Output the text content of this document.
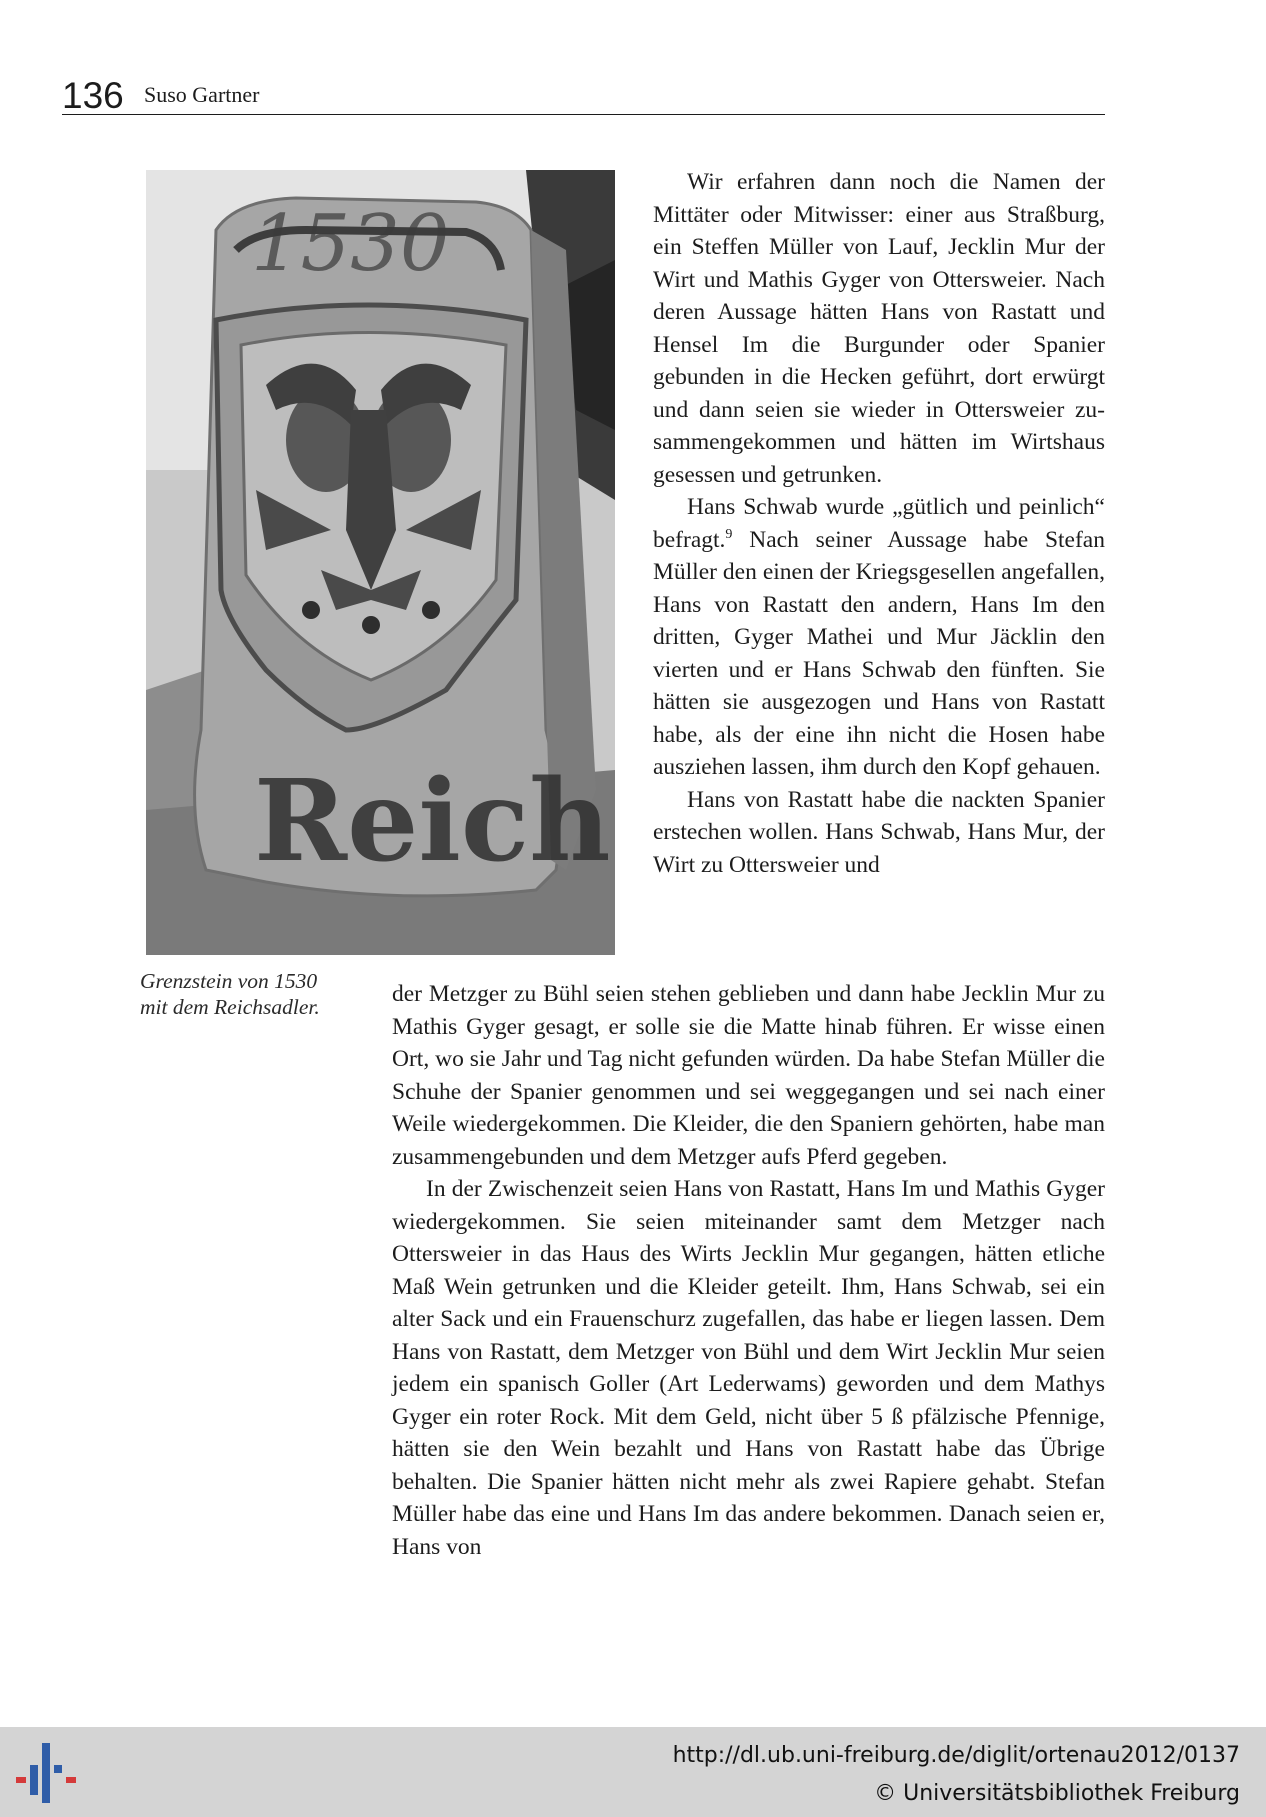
136 Suso Gartner
1530
Reich

Grenzstein von 1530

mit dem Reichsadler.

Wir erfahren dann noch die Namen der Mittäter oder Mitwisser: einer aus Straßburg, ein Steffen Müller von Lauf, Jecklin Mur der Wirt und Mathis Gyger von Ottersweier. Nach deren Aussage hätten Hans von Rastatt und Hensel Im die Burgunder oder Spanier gebunden in die Hecken geführt, dort erwürgt und dann seien sie wieder in Ottersweier zusammengekommen und hätten im Wirtshaus gesessen und getrunken.

Hans Schwab wurde „gütlich und peinlich“ befragt.$^9$ Nach seiner Aussage habe Stefan Müller den einen der Kriegsgesellen angefallen, Hans von Rastatt den andern, Hans Im den dritten, Gyger Mathei und Mur Jäcklin den vierten und er Hans Schwab den fünften. Sie hätten sie ausgezogen und Hans von Rastatt habe, als der eine ihn nicht die Hosen habe ausziehen lassen, ihm durch den Kopf gehauen.

Hans von Rastatt habe die nackten Spanier erstechen wollen. Hans Schwab, Hans Mur, der Wirt zu Ottersweier und

der Metzger zu Bühl seien stehen geblieben und dann habe Jecklin Mur zu Mathis Gyger gesagt, er solle sie die Matte hinab führen. Er wisse einen Ort, wo sie Jahr und Tag nicht gefunden würden. Da habe Stefan Müller die Schuhe der Spanier genommen und sei weggegangen und sei nach einer Weile wiedergekommen. Die Kleider, die den Spaniern gehörten, habe man zusammengebunden und dem Metzger aufs Pferd gegeben.

In der Zwischenzeit seien Hans von Rastatt, Hans Im und Mathis Gyger wiedergekommen. Sie seien miteinander samt dem Metzger nach Ottersweier in das Haus des Wirts Jecklin Mur gegangen, hätten etliche Maß Wein getrunken und die Kleider geteilt. Ihm, Hans Schwab, sei ein alter Sack und ein Frauenschurz zugefallen, das habe er liegen lassen. Dem Hans von Rastatt, dem Metzger von Bühl und dem Wirt Jecklin Mur seien jedem ein spanisch Goller (Art Lederwams) geworden und dem Mathys Gyger ein roter Rock. Mit dem Geld, nicht über 5 ß pfälzische Pfennige, hätten sie den Wein bezahlt und Hans von Rastatt habe das Übrige behalten. Die Spanier hätten nicht mehr als zwei Rapiere gehabt. Stefan Müller habe das eine und Hans Im das andere bekommen. Danach seien er, Hans von

http://dl.ub.uni-freiburg.de/diglit/ortenau2012/0137
© Universitätsbibliothek Freiburg
